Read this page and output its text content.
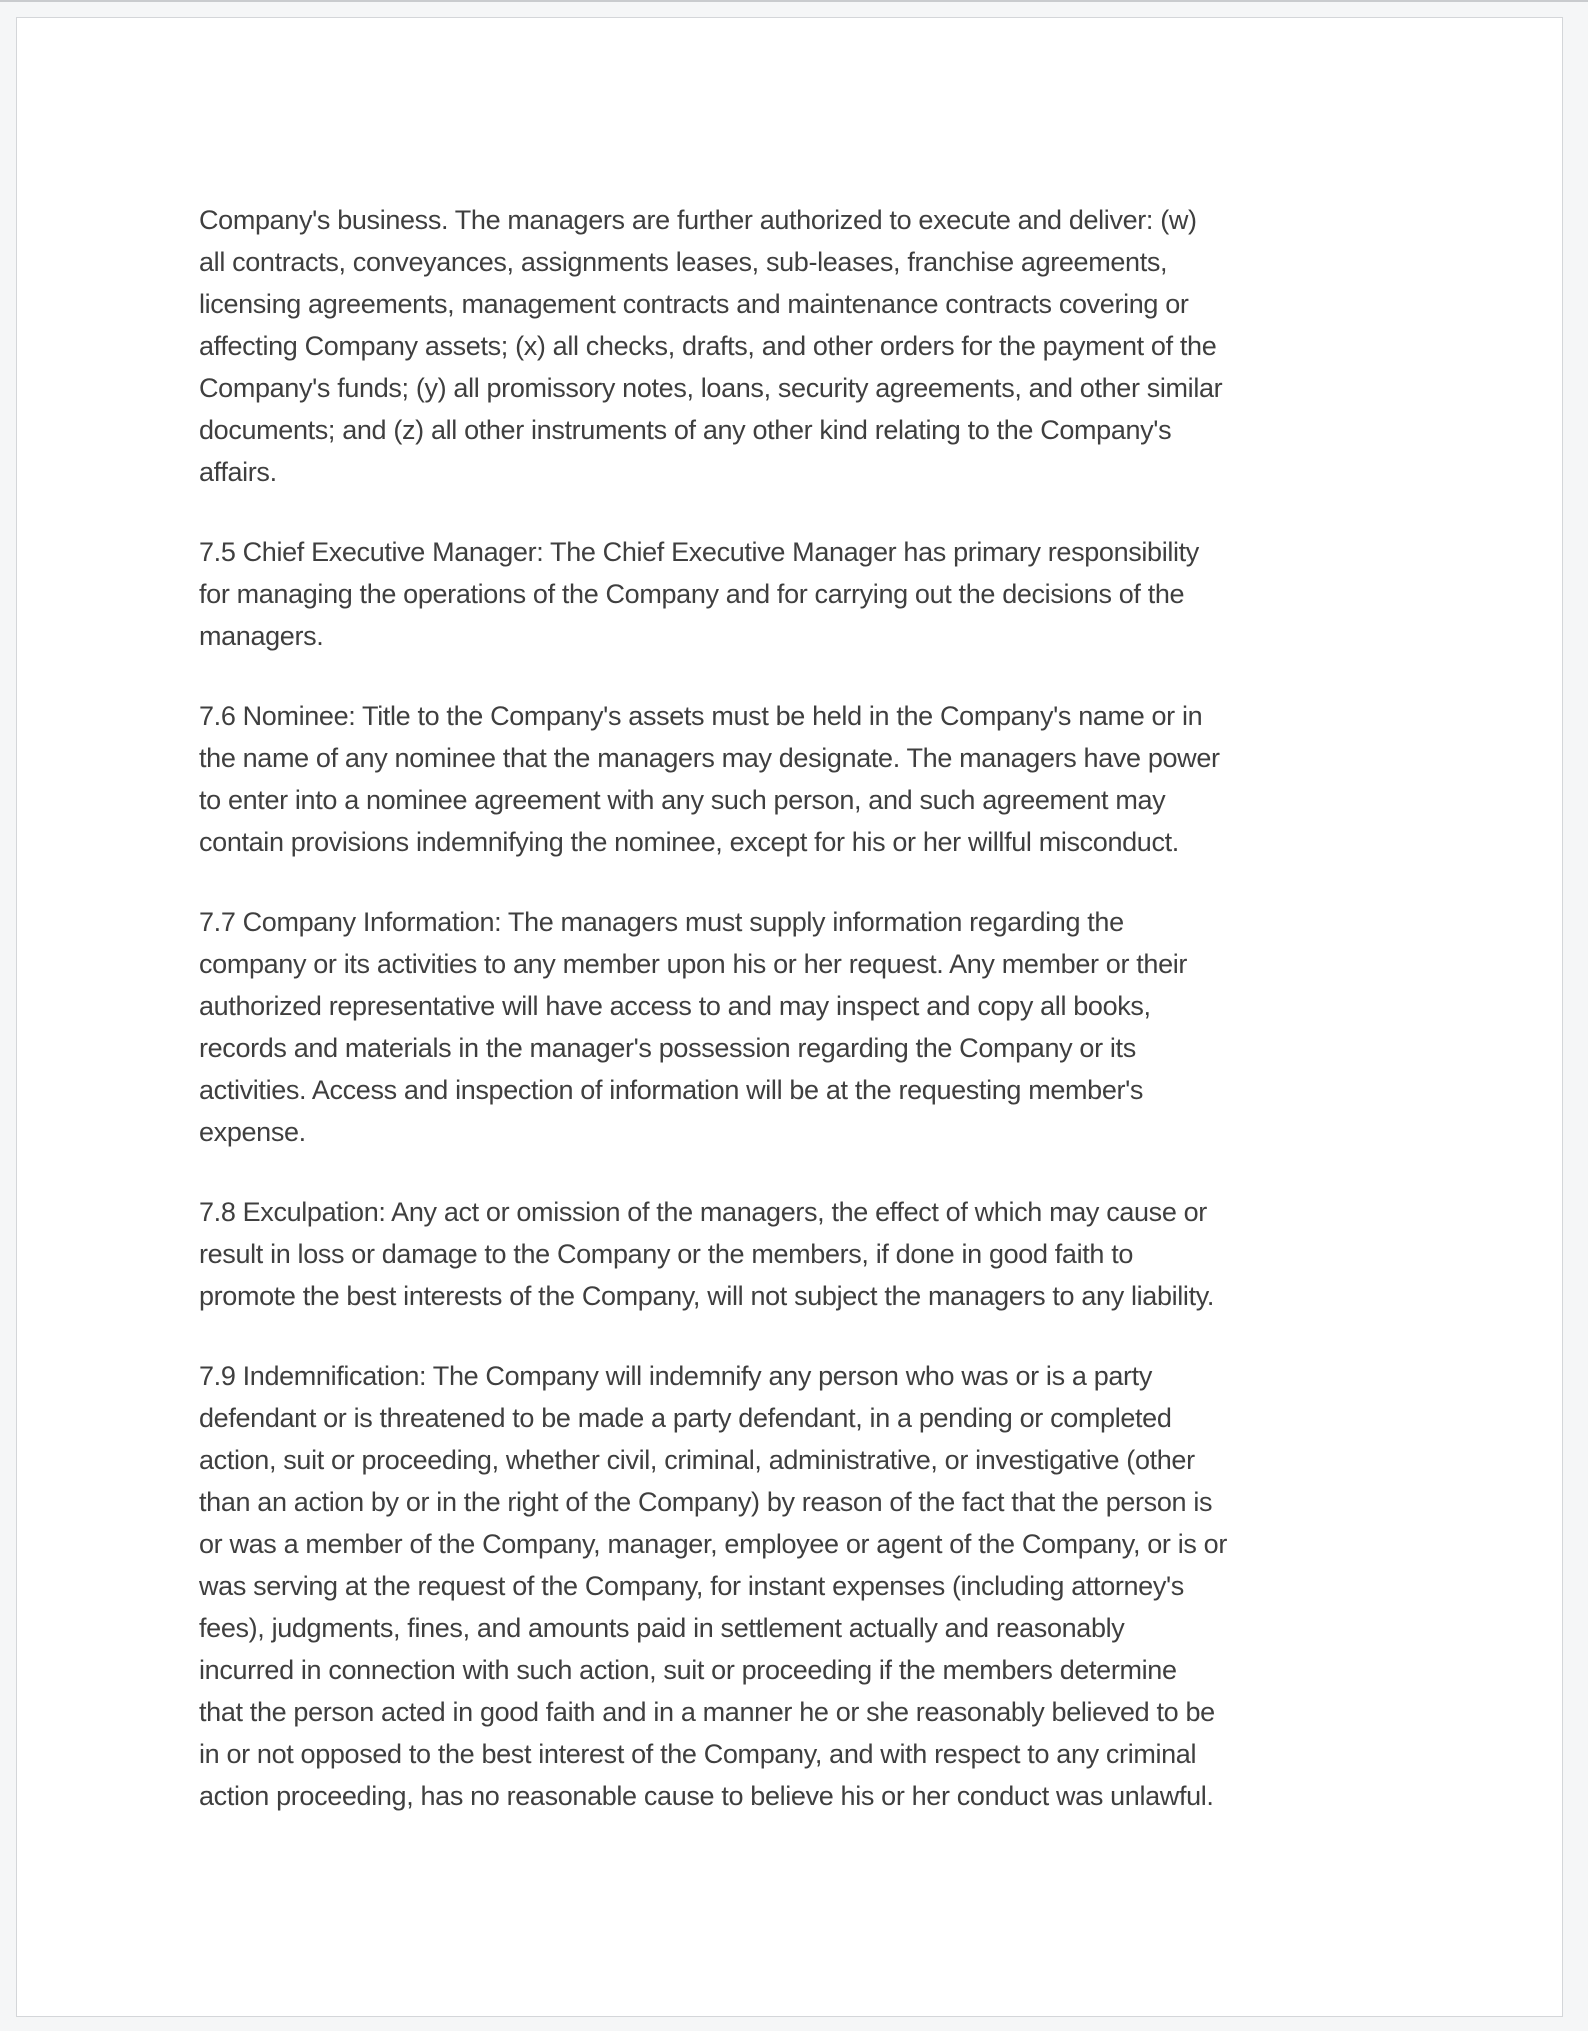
Company's business. The managers are further authorized to execute and deliver: (w)
all contracts, conveyances, assignments leases, sub-leases, franchise agreements,
licensing agreements, management contracts and maintenance contracts covering or
affecting Company assets; (x) all checks, drafts, and other orders for the payment of the
Company's funds; (y) all promissory notes, loans, security agreements, and other similar
documents; and (z) all other instruments of any other kind relating to the Company's
affairs.
7.5 Chief Executive Manager: The Chief Executive Manager has primary responsibility
for managing the operations of the Company and for carrying out the decisions of the
managers.
7.6 Nominee: Title to the Company's assets must be held in the Company's name or in
the name of any nominee that the managers may designate. The managers have power
to enter into a nominee agreement with any such person, and such agreement may
contain provisions indemnifying the nominee, except for his or her willful misconduct.
7.7 Company Information: The managers must supply information regarding the
company or its activities to any member upon his or her request. Any member or their
authorized representative will have access to and may inspect and copy all books,
records and materials in the manager's possession regarding the Company or its
activities. Access and inspection of information will be at the requesting member's
expense.
7.8 Exculpation: Any act or omission of the managers, the effect of which may cause or
result in loss or damage to the Company or the members, if done in good faith to
promote the best interests of the Company, will not subject the managers to any liability.
7.9 Indemnification: The Company will indemnify any person who was or is a party
defendant or is threatened to be made a party defendant, in a pending or completed
action, suit or proceeding, whether civil, criminal, administrative, or investigative (other
than an action by or in the right of the Company) by reason of the fact that the person is
or was a member of the Company, manager, employee or agent of the Company, or is or
was serving at the request of the Company, for instant expenses (including attorney's
fees), judgments, fines, and amounts paid in settlement actually and reasonably
incurred in connection with such action, suit or proceeding if the members determine
that the person acted in good faith and in a manner he or she reasonably believed to be
in or not opposed to the best interest of the Company, and with respect to any criminal
action proceeding, has no reasonable cause to believe his or her conduct was unlawful.
